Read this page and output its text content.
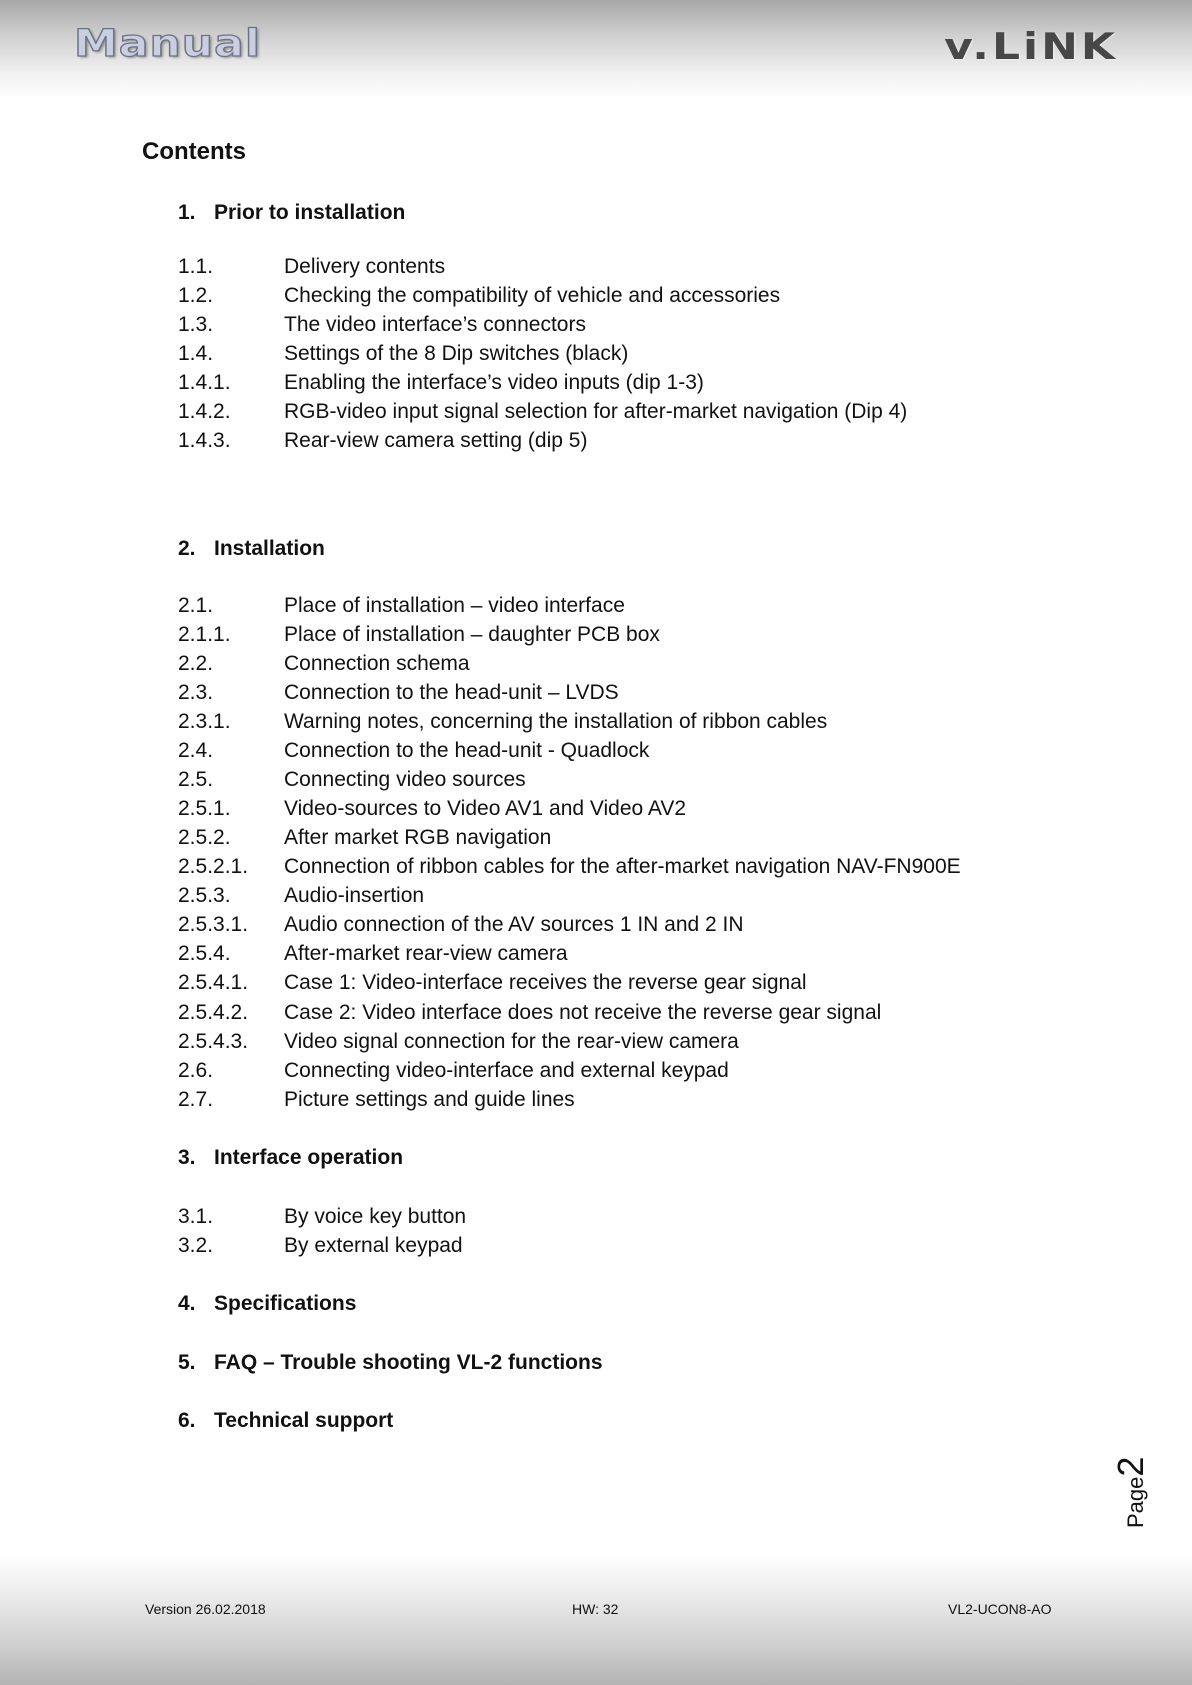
Manual	v.LiNK
Contents
1. Prior to installation
1.1.	Delivery contents
1.2.	Checking the compatibility of vehicle and accessories
1.3.	The video interface’s connectors
1.4.	Settings of the 8 Dip switches (black)
1.4.1.	Enabling the interface’s video inputs (dip 1-3)
1.4.2.	RGB-video input signal selection for after-market navigation (Dip 4)
1.4.3.	Rear-view camera setting (dip 5)
2. Installation
2.1.	Place of installation – video interface
2.1.1.	Place of installation – daughter PCB box
2.2.	Connection schema
2.3.	Connection to the head-unit – LVDS
2.3.1.	Warning notes, concerning the installation of ribbon cables
2.4.	Connection to the head-unit - Quadlock
2.5.	Connecting video sources
2.5.1.	Video-sources to Video AV1 and Video AV2
2.5.2.	After market RGB navigation
2.5.2.1. Connection of ribbon cables for the after-market navigation NAV-FN900E
2.5.3.	Audio-insertion
2.5.3.1. Audio connection of the AV sources 1 IN and 2 IN
2.5.4.	After-market rear-view camera
2.5.4.1. Case 1: Video-interface receives the reverse gear signal
2.5.4.2. Case 2: Video interface does not receive the reverse gear signal
2.5.4.3. Video signal connection for the rear-view camera
2.6.	Connecting video-interface and external keypad
2.7.	Picture settings and guide lines
3. Interface operation
3.1.	By voice key button
3.2.	By external keypad
4. Specifications
5. FAQ – Trouble shooting VL-2 functions
6. Technical support
Page2
Version 26.02.2018	HW: 32	VL2-UCON8-AO
